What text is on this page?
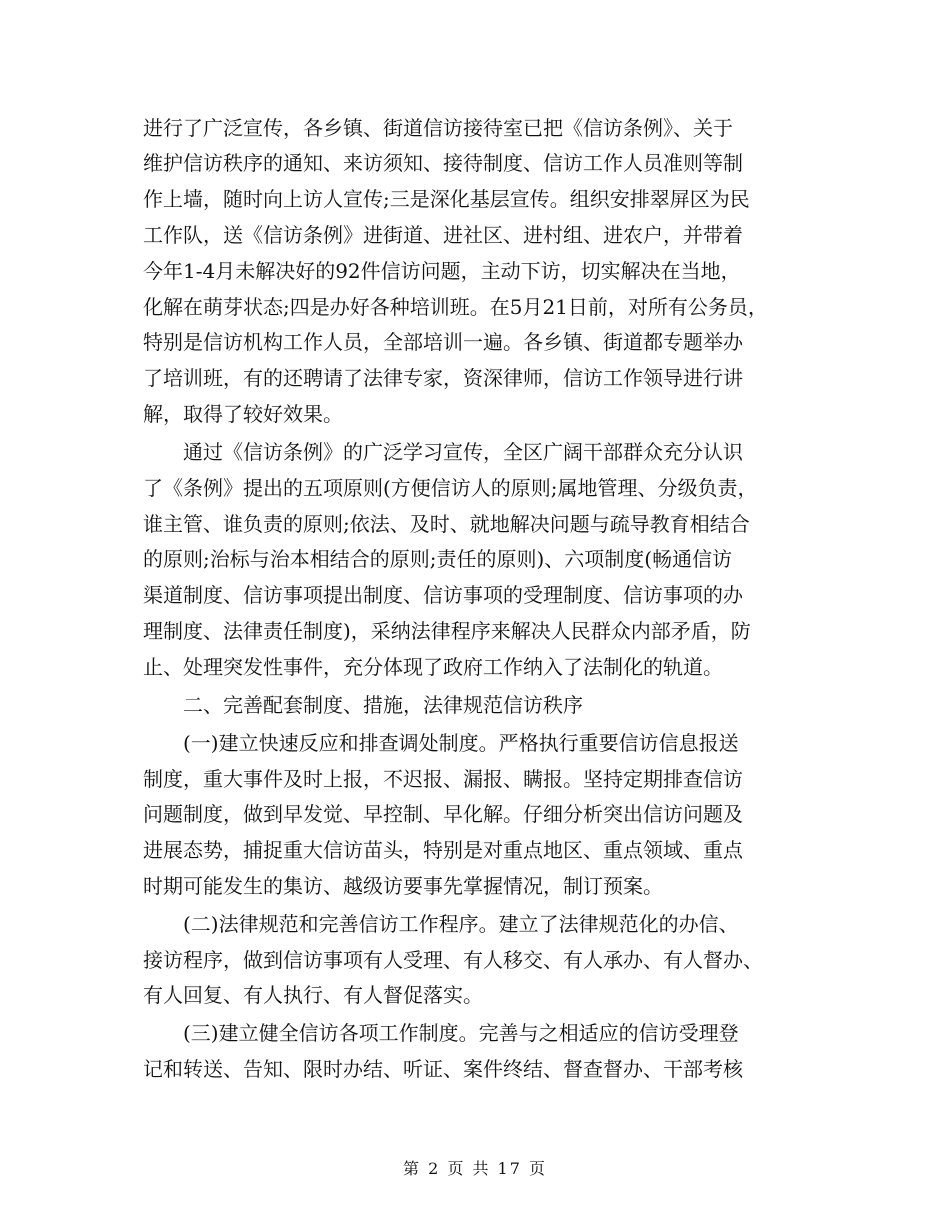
进行了广泛宣传，各乡镇、街道信访接待室已把《信访条例》、关于
维护信访秩序的通知、来访须知、接待制度、信访工作人员准则等制
作上墙，随时向上访人宣传;三是深化基层宣传。组织安排翠屏区为民
工作队，送《信访条例》进街道、进社区、进村组、进农户，并带着
今年1-4月未解决好的92件信访问题，主动下访，切实解决在当地，
化解在萌芽状态;四是办好各种培训班。在5月21日前，对所有公务员，
特别是信访机构工作人员，全部培训一遍。各乡镇、街道都专题举办
了培训班，有的还聘请了法律专家，资深律师，信访工作领导进行讲
解，取得了较好效果。
　　通过《信访条例》的广泛学习宣传，全区广阔干部群众充分认识
了《条例》提出的五项原则(方便信访人的原则;属地管理、分级负责，
谁主管、谁负责的原则;依法、及时、就地解决问题与疏导教育相结合
的原则;治标与治本相结合的原则;责任的原则)、六项制度(畅通信访
渠道制度、信访事项提出制度、信访事项的受理制度、信访事项的办
理制度、法律责任制度)，采纳法律程序来解决人民群众内部矛盾，防
止、处理突发性事件，充分体现了政府工作纳入了法制化的轨道。
　　二、完善配套制度、措施，法律规范信访秩序
　　(一)建立快速反应和排查调处制度。严格执行重要信访信息报送
制度，重大事件及时上报，不迟报、漏报、瞒报。坚持定期排查信访
问题制度，做到早发觉、早控制、早化解。仔细分析突出信访问题及
进展态势，捕捉重大信访苗头，特别是对重点地区、重点领域、重点
时期可能发生的集访、越级访要事先掌握情况，制订预案。
　　(二)法律规范和完善信访工作程序。建立了法律规范化的办信、
接访程序，做到信访事项有人受理、有人移交、有人承办、有人督办、
有人回复、有人执行、有人督促落实。
　　(三)建立健全信访各项工作制度。完善与之相适应的信访受理登
记和转送、告知、限时办结、听证、案件终结、督查督办、干部考核
第 2 页 共 17 页
